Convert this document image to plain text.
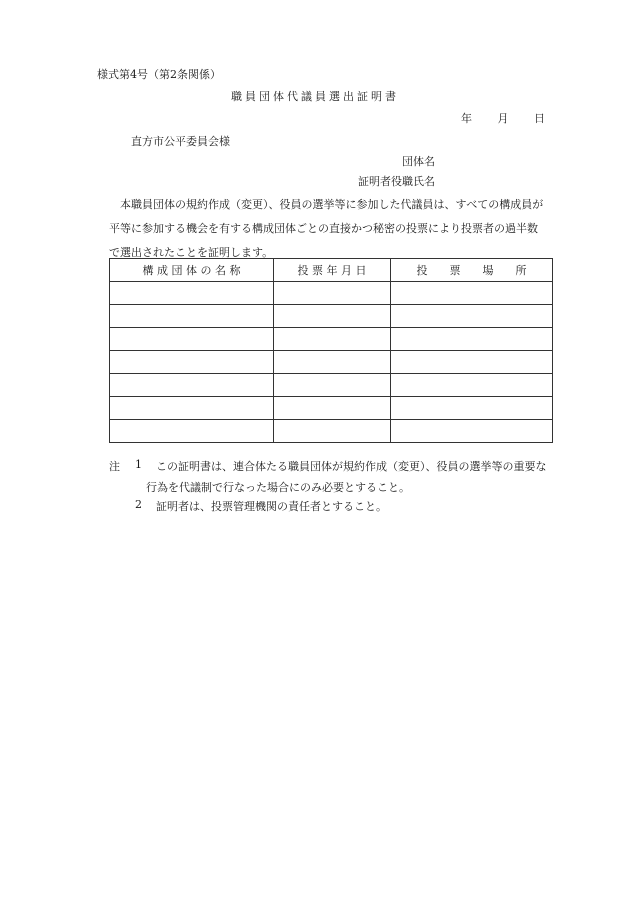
様式第4号（第2条関係）
職員団体代議員選出証明書
年 月 日
直方市公平委員会様
団体名
証明者役職氏名
本職員団体の規約作成（変更）、役員の選挙等に参加した代議員は、すべての構成員が
平等に参加する機会を有する構成団体ごとの直接かつ秘密の投票により投票者の過半数
で選出されたことを証明します。
構 成 団 体 の 名 称	投 票 年 月 日	投　　票　　場　　所

注 1 この証明書は、連合体たる職員団体が規約作成（変更）、役員の選挙等の重要な
行為を代議制で行なった場合にのみ必要とすること。
2 証明者は、投票管理機関の責任者とすること。
